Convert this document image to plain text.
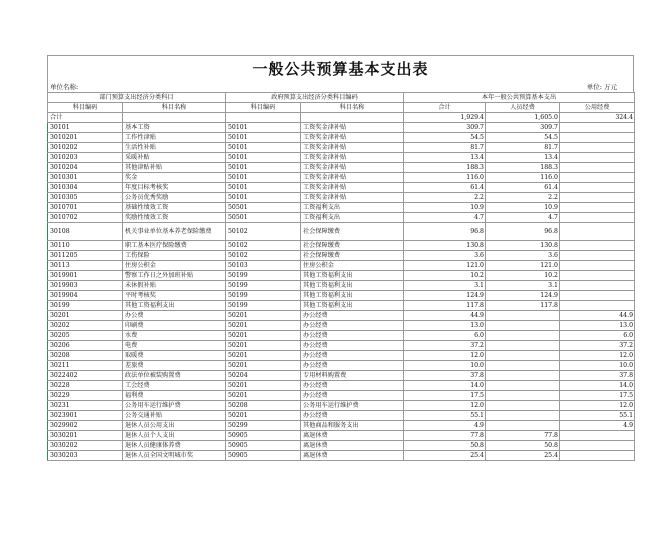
一般公共预算基本支出表
单位名称:	单位: 万元
部门预算支出经济分类科目		政府预算支出经济分类科目编码		本年一般公共预算基本支出		
科目编码	科目名称	科目编码	科目名称	合计	人员经费	公用经费
合计				1,929.4	1,605.0	324.4
30101	基本工资	50101	工资奖金津补贴	309.7	309.7	
3010201	工作性津贴	50101	工资奖金津补贴	54.5	54.5	
3010202	生活性补贴	50101	工资奖金津补贴	81.7	81.7	
3010203	采暖补贴	50101	工资奖金津补贴	13.4	13.4	
3010204	其他津贴补贴	50101	工资奖金津补贴	188.3	188.3	
3010301	奖金	50101	工资奖金津补贴	116.0	116.0	
3010304	年度目标考核奖	50101	工资奖金津补贴	61.4	61.4	
3010305	公务员优秀奖励	50101	工资奖金津补贴	2.2	2.2	
3010701	基础性绩效工资	50501	工资福利支出	10.9	10.9	
3010702	奖励性绩效工资	50501	工资福利支出	4.7	4.7	
30108	机关事业单位基本养老保险缴费	50102	社会保障缴费	96.8	96.8	
30110	职工基本医疗保险缴费	50102	社会保障缴费	130.8	130.8	
3011205	工伤保险	50102	社会保障缴费	3.6	3.6	
30113	住房公积金	50103	住房公积金	121.0	121.0	
3019901	警察工作日之外加班补贴	50199	其他工资福利支出	10.2	10.2	
3019903	未休假补贴	50199	其他工资福利支出	3.1	3.1	
3019904	平时考核奖	50199	其他工资福利支出	124.9	124.9	
30199	其他工资福利支出	50199	其他工资福利支出	117.8	117.8	
30201	办公费	50201	办公经费	44.9		44.9
30202	印刷费	50201	办公经费	13.0		13.0
30205	水费	50201	办公经费	6.0		6.0
30206	电费	50201	办公经费	37.2		37.2
30208	取暖费	50201	办公经费	12.0		12.0
30211	差旅费	50201	办公经费	10.0		10.0
3022402	政法单位被装购置费	50204	专用材料购置费	37.8		37.8
30228	工会经费	50201	办公经费	14.0		14.0
30229	福利费	50201	办公经费	17.5		17.5
30231	公务用车运行维护费	50208	公务用车运行维护费	12.0		12.0
3023901	公务交通补贴	50201	办公经费	55.1		55.1
3029902	退休人员公用支出	50299	其他商品和服务支出	4.9		4.9
3030201	退休人员个人支出	50905	离退休费	77.8	77.8	
3030202	退休人员健康体养费	50905	离退休费	50.8	50.8	
3030203	退休人员全国文明城市奖	50905	离退休费	25.4	25.4	
